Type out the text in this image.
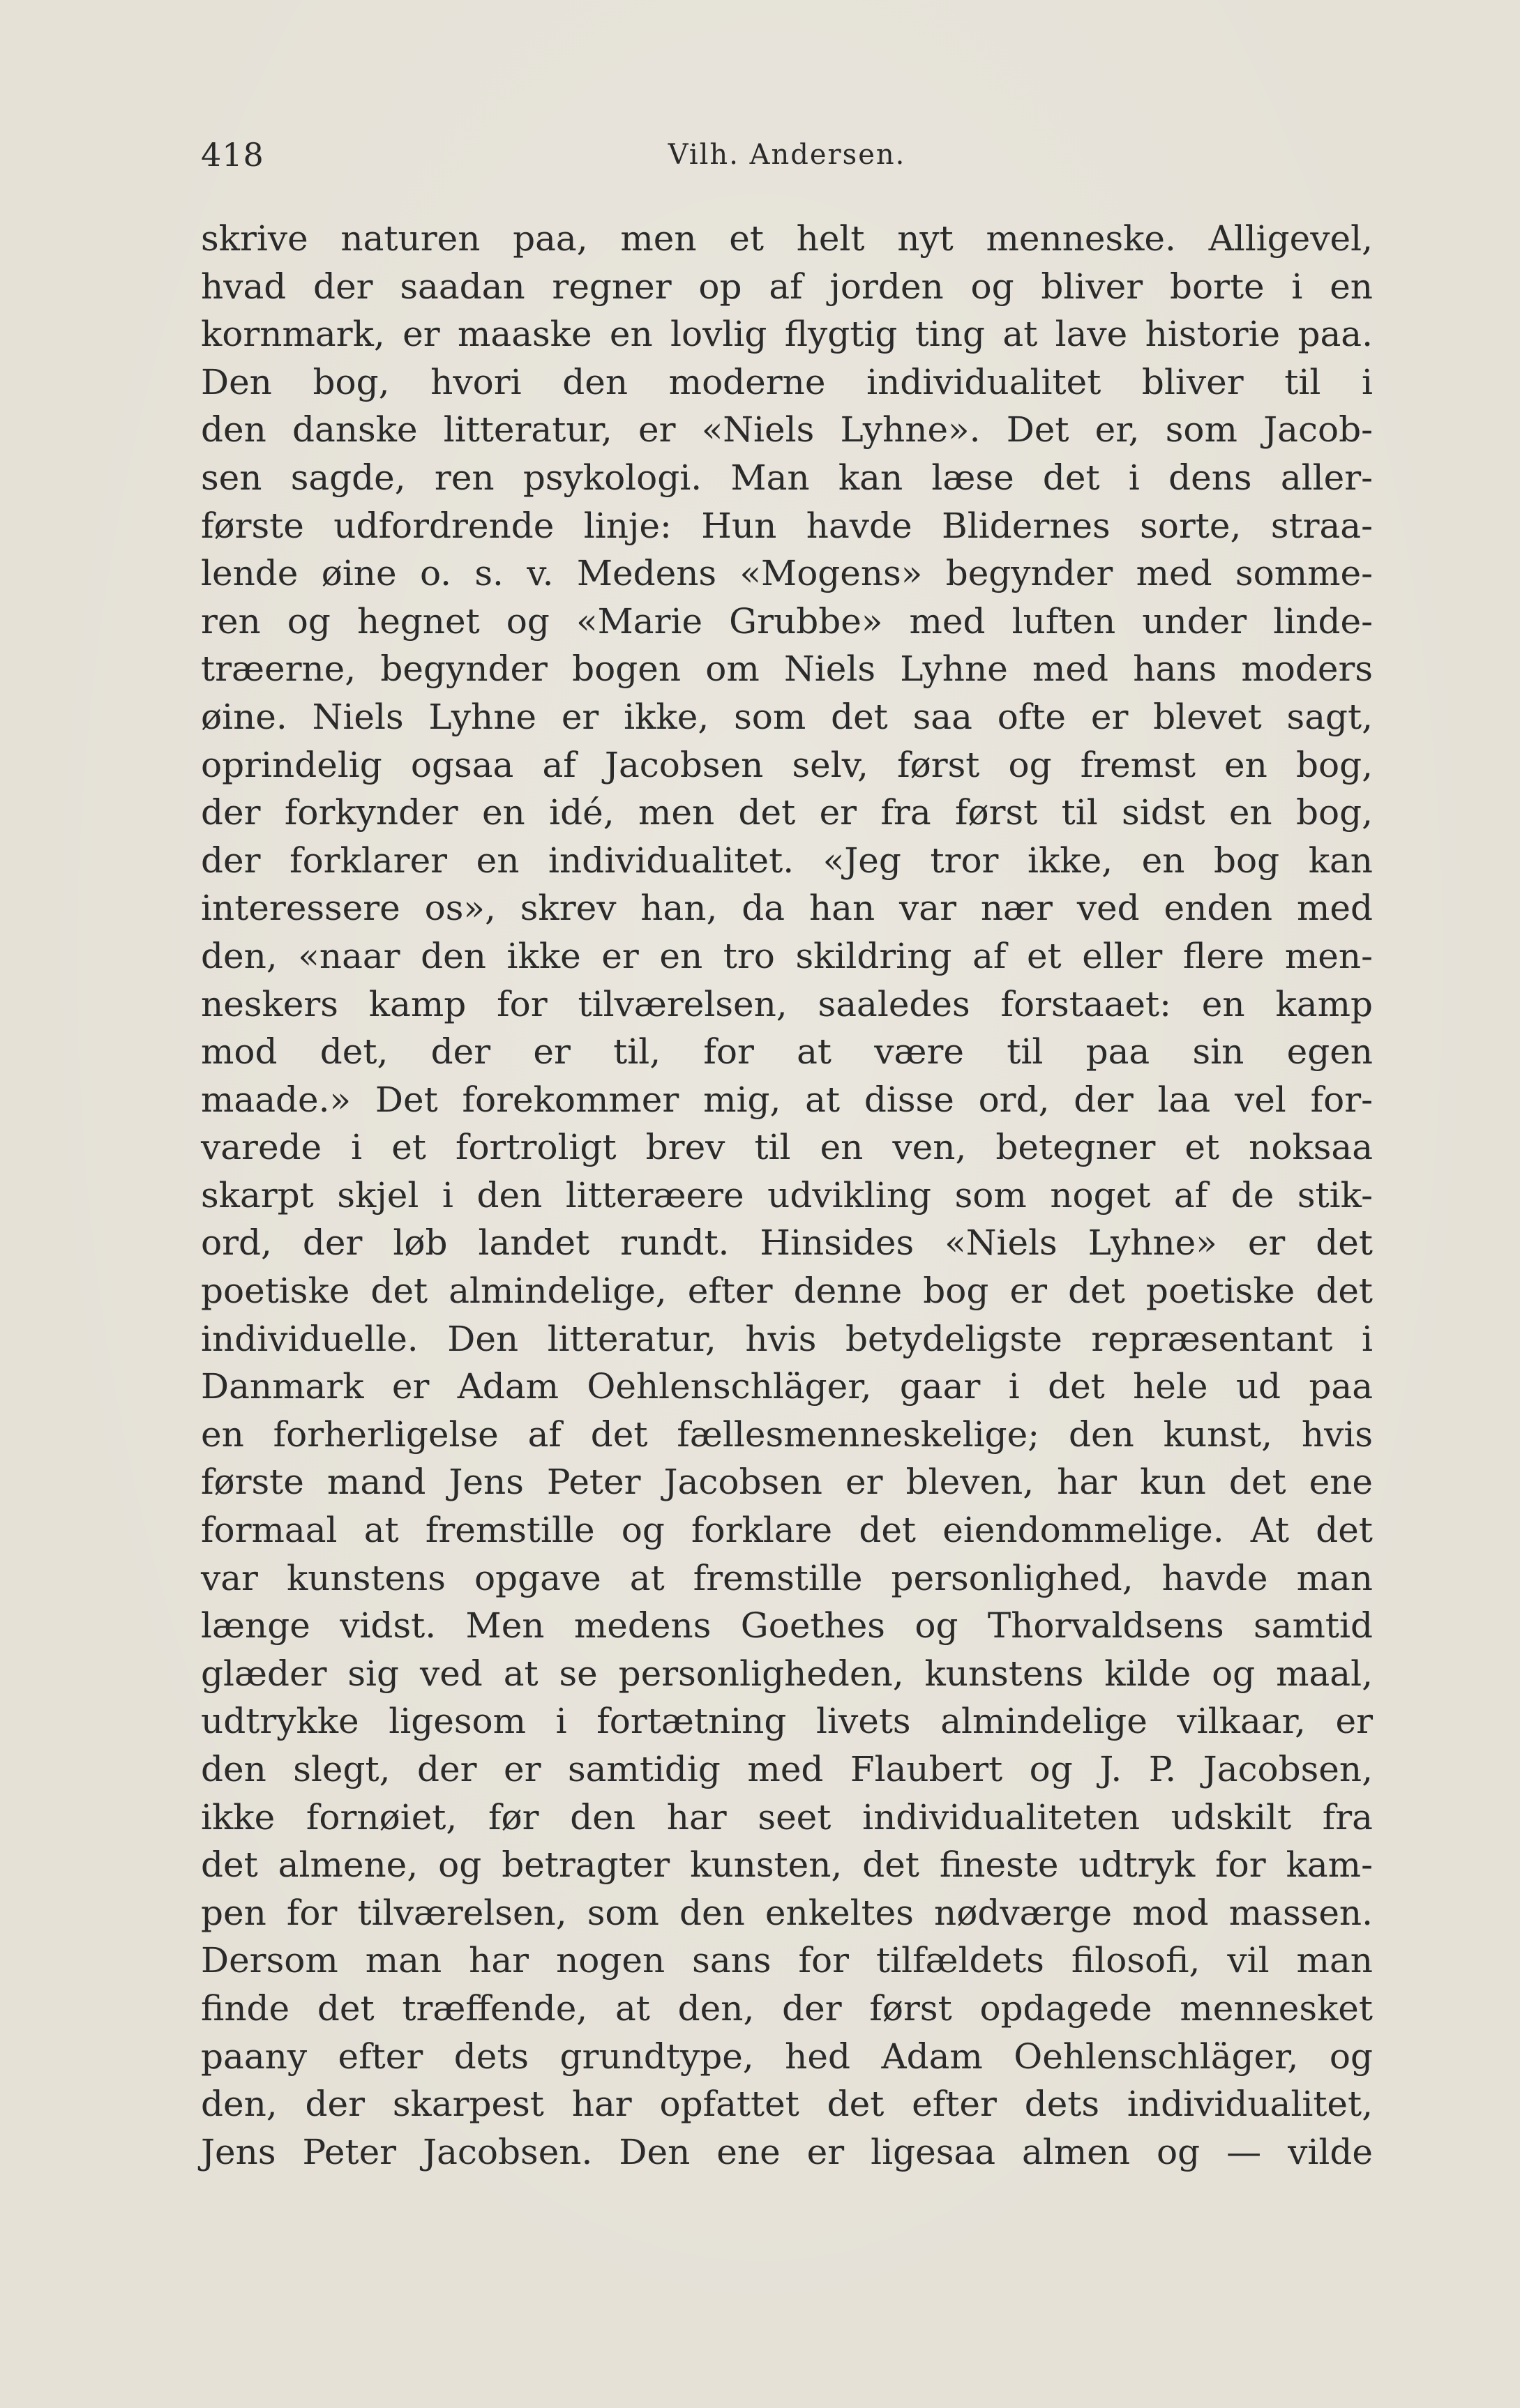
418	Vilh. Andersen.
skrive naturen paa, men et helt nyt menneske. Alligevel,
hvad der saadan regner op af jorden og bliver borte i en
kornmark, er maaske en lovlig flygtig ting at lave historie paa.
Den bog, hvori den moderne individualitet bliver til i
den danske litteratur, er «Niels Lyhne». Det er, som Jacob-
sen sagde, ren psykologi. Man kan læse det i dens aller-
første udfordrende linje: Hun havde Blidernes sorte, straa-
lende øine o. s. v. Medens «Mogens» begynder med somme-
ren og hegnet og «Marie Grubbe» med luften under linde-
træerne, begynder bogen om Niels Lyhne med hans moders
øine. Niels Lyhne er ikke, som det saa ofte er blevet sagt,
oprindelig ogsaa af Jacobsen selv, først og fremst en bog,
der forkynder en idé, men det er fra først til sidst en bog,
der forklarer en individualitet. «Jeg tror ikke, en bog kan
interessere os», skrev han, da han var nær ved enden med
den, «naar den ikke er en tro skildring af et eller flere men-
neskers kamp for tilværelsen, saaledes forstaaet: en kamp
mod det, der er til, for at være til paa sin egen
maade.» Det forekommer mig, at disse ord, der laa vel for-
varede i et fortroligt brev til en ven, betegner et noksaa
skarpt skjel i den litteræere udvikling som noget af de stik-
ord, der løb landet rundt. Hinsides «Niels Lyhne» er det
poetiske det almindelige, efter denne bog er det poetiske det
individuelle. Den litteratur, hvis betydeligste repræsentant i
Danmark er Adam Oehlenschläger, gaar i det hele ud paa
en forherligelse af det fællesmenneskelige; den kunst, hvis
første mand Jens Peter Jacobsen er bleven, har kun det ene
formaal at fremstille og forklare det eiendommelige. At det
var kunstens opgave at fremstille personlighed, havde man
længe vidst. Men medens Goethes og Thorvaldsens samtid
glæder sig ved at se personligheden, kunstens kilde og maal,
udtrykke ligesom i fortætning livets almindelige vilkaar, er
den slegt, der er samtidig med Flaubert og J. P. Jacobsen,
ikke fornøiet, før den har seet individualiteten udskilt fra
det almene, og betragter kunsten, det fineste udtryk for kam-
pen for tilværelsen, som den enkeltes nødværge mod massen.
Dersom man har nogen sans for tilfældets filosofi, vil man
finde det træffende, at den, der først opdagede mennesket
paany efter dets grundtype, hed Adam Oehlenschläger, og
den, der skarpest har opfattet det efter dets individualitet,
Jens Peter Jacobsen. Den ene er ligesaa almen og — vilde
